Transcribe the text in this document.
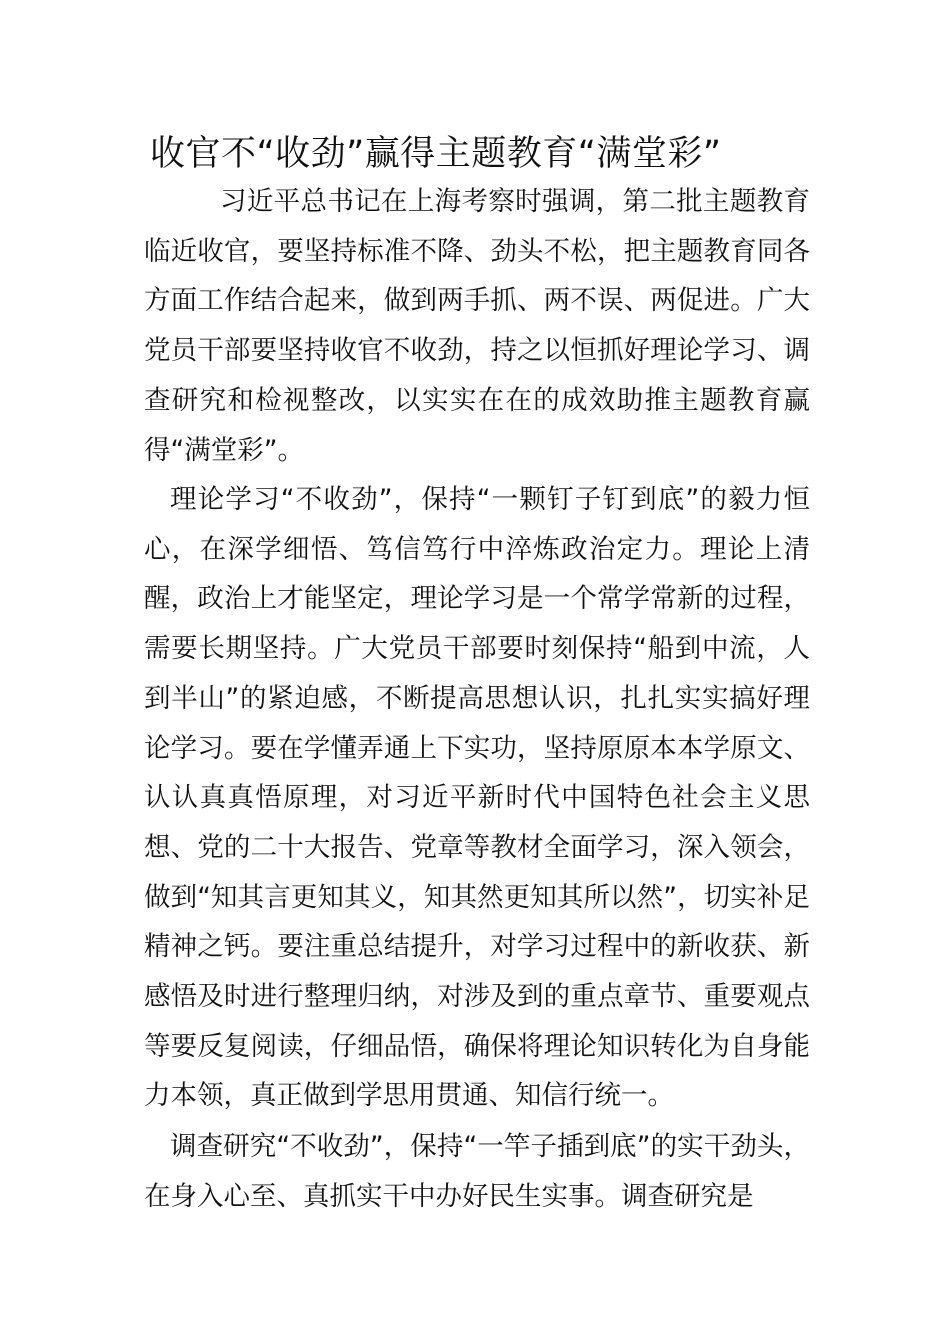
收官不“收劲”赢得主题教育“满堂彩”

习近平总书记在上海考察时强调，第二批主题教育临近收官，要坚持标准不降、劲头不松，把主题教育同各方面工作结合起来，做到两手抓、两不误、两促进。广大党员干部要坚持收官不收劲，持之以恒抓好理论学习、调查研究和检视整改，以实实在在的成效助推主题教育赢得“满堂彩”。

理论学习“不收劲”，保持“一颗钉子钉到底”的毅力恒心，在深学细悟、笃信笃行中淬炼政治定力。理论上清醒，政治上才能坚定，理论学习是一个常学常新的过程，需要长期坚持。广大党员干部要时刻保持“船到中流，人到半山”的紧迫感，不断提高思想认识，扎扎实实搞好理论学习。要在学懂弄通上下实功，坚持原原本本学原文、认认真真悟原理，对习近平新时代中国特色社会主义思想、党的二十大报告、党章等教材全面学习，深入领会，做到“知其言更知其义，知其然更知其所以然”，切实补足精神之钙。要注重总结提升，对学习过程中的新收获、新感悟及时进行整理归纳，对涉及到的重点章节、重要观点等要反复阅读，仔细品悟，确保将理论知识转化为自身能力本领，真正做到学思用贯通、知信行统一。

调查研究“不收劲”，保持“一竿子插到底”的实干劲头，在身入心至、真抓实干中办好民生实事。调查研究是
